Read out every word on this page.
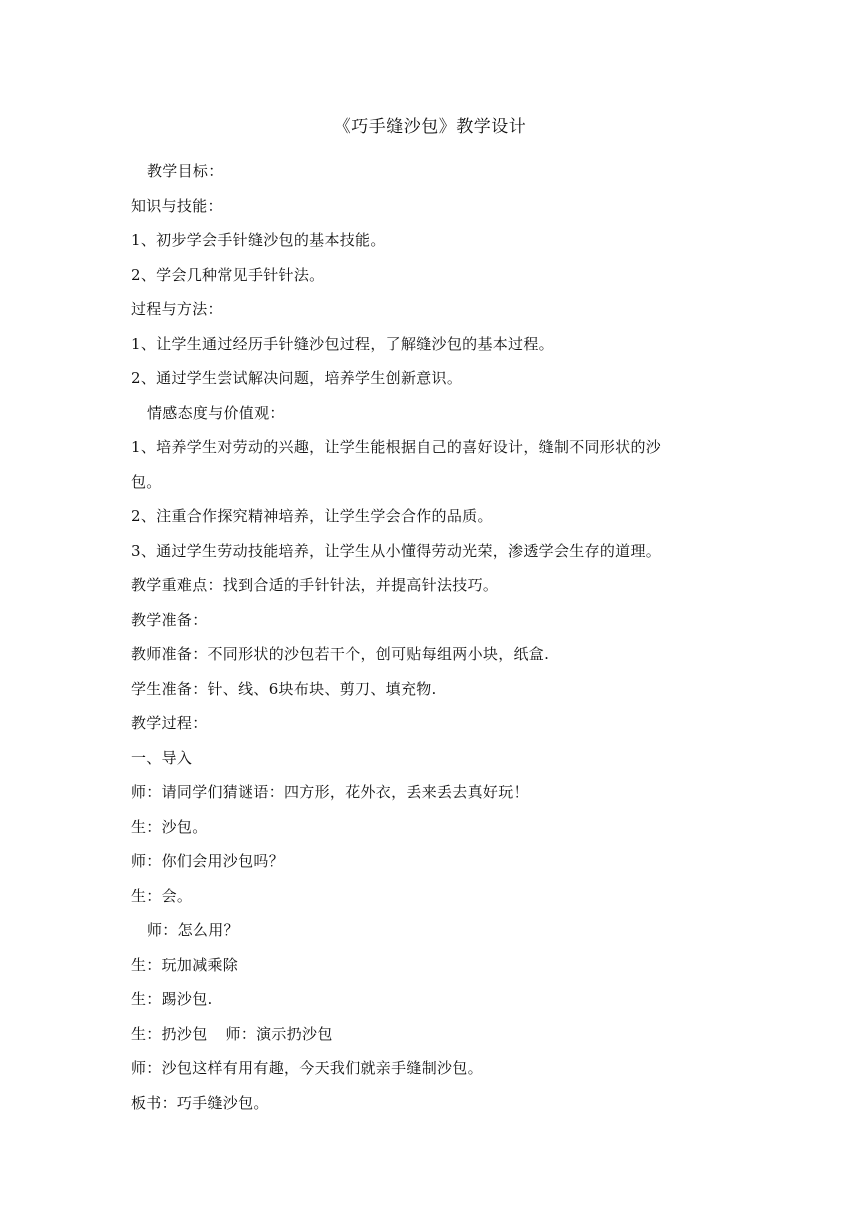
《巧手缝沙包》教学设计
教学目标：
知识与技能：
1、初步学会手针缝沙包的基本技能。
2、学会几种常见手针针法。
过程与方法：
1、让学生通过经历手针缝沙包过程，了解缝沙包的基本过程。
2、通过学生尝试解决问题，培养学生创新意识。
情感态度与价值观：
1、培养学生对劳动的兴趣，让学生能根据自己的喜好设计，缝制不同形状的沙
包。
2、注重合作探究精神培养，让学生学会合作的品质。
3、通过学生劳动技能培养，让学生从小懂得劳动光荣，渗透学会生存的道理。
教学重难点：找到合适的手针针法，并提高针法技巧。
教学准备：
教师准备：不同形状的沙包若干个，创可贴每组两小块，纸盒.
学生准备：针、线、6块布块、剪刀、填充物.
教学过程：
一、导入
师：请同学们猜谜语：四方形，花外衣，丢来丢去真好玩！
生：沙包。
师：你们会用沙包吗？
生：会。
师：怎么用？
生：玩加减乘除
生：踢沙包.
生：扔沙包 师：演示扔沙包
师：沙包这样有用有趣，今天我们就亲手缝制沙包。
板书：巧手缝沙包。
